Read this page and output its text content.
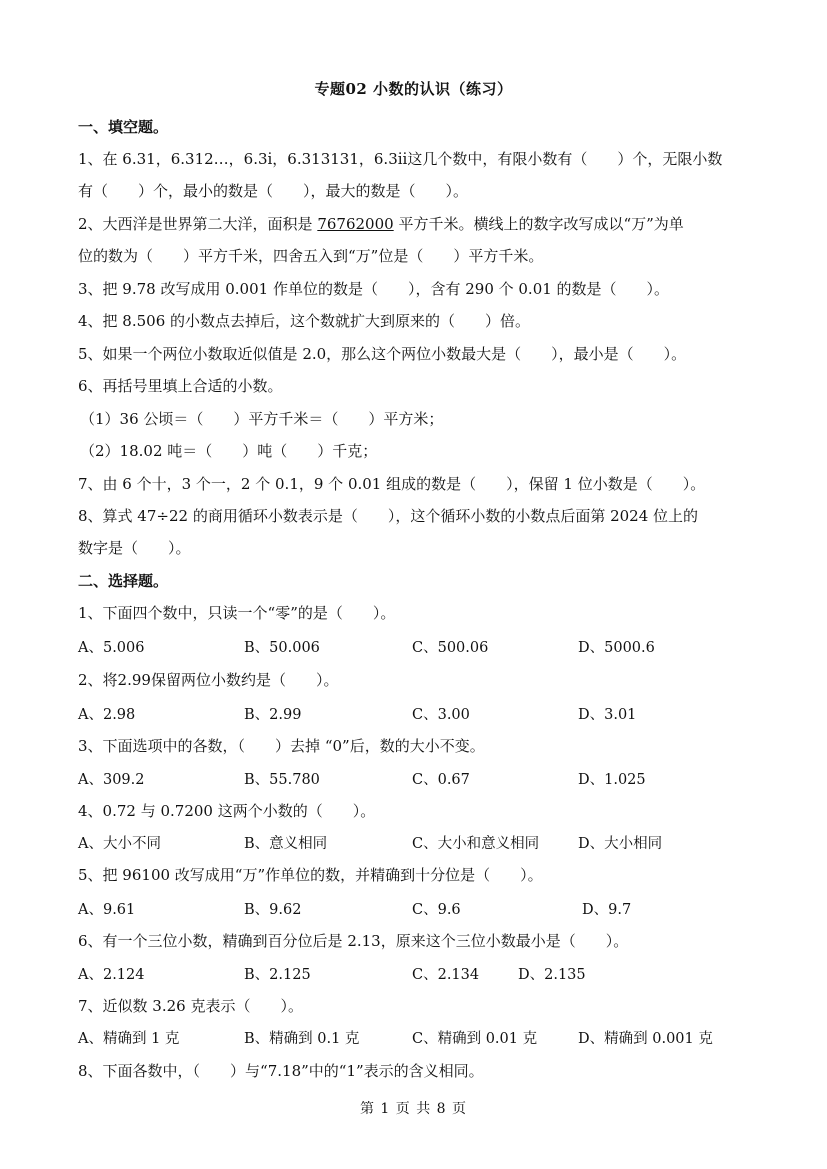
专题02 小数的认识（练习）
一、填空题。
1、在 6.31，6.312…，6.3i̇，6.313131，6.3i̇i̇这几个数中，有限小数有（　　）个，无限小数
有（　　）个，最小的数是（　　），最大的数是（　　）。
2、大西洋是世界第二大洋，面积是 76762000 平方千米。横线上的数字改写成以“万”为单
位的数为（　　）平方千米，四舍五入到“万”位是（　　）平方千米。
3、把 9.78 改写成用 0.001 作单位的数是（　　），含有 290 个 0.01 的数是（　　）。
4、把 8.506 的小数点去掉后，这个数就扩大到原来的（　　）倍。
5、如果一个两位小数取近似值是 2.0，那么这个两位小数最大是（　　），最小是（　　）。
6、再括号里填上合适的小数。
（1）36 公顷＝（　　）平方千米＝（　　）平方米；
（2）18.02 吨＝（　　）吨（　　）千克；
7、由 6 个十，3 个一，2 个 0.1，9 个 0.01 组成的数是（　　），保留 1 位小数是（　　）。
8、算式 47÷22 的商用循环小数表示是（　　），这个循环小数的小数点后面第 2024 位上的
数字是（　　）。
二、选择题。
1、下面四个数中，只读一个“零”的是（　　）。
A、5.006	B、50.006	C、500.06	D、5000.6
2、将2.99保留两位小数约是（　　）。
A、2.98	B、2.99	C、3.00	D、3.01
3、下面选项中的各数，（　　）去掉 “0”后，数的大小不变。
A、309.2	B、55.780	C、0.67	D、1.025
4、0.72 与 0.7200 这两个小数的（　　）。
A、大小不同	B、意义相同	C、大小和意义相同	D、大小相同
5、把 96100 改写成用“万”作单位的数，并精确到十分位是（　　）。
A、9.61	B、9.62	C、9.6	D、9.7
6、有一个三位小数，精确到百分位后是 2.13，原来这个三位小数最小是（　　）。
A、2.124	B、2.125	C、2.134	D、2.135
7、近似数 3.26 克表示（　　）。
A、精确到 1 克	B、精确到 0.1 克	C、精确到 0.01 克	D、精确到 0.001 克
8、下面各数中，（　　）与“7.18”中的“1”表示的含义相同。
第 1 页 共 8 页
